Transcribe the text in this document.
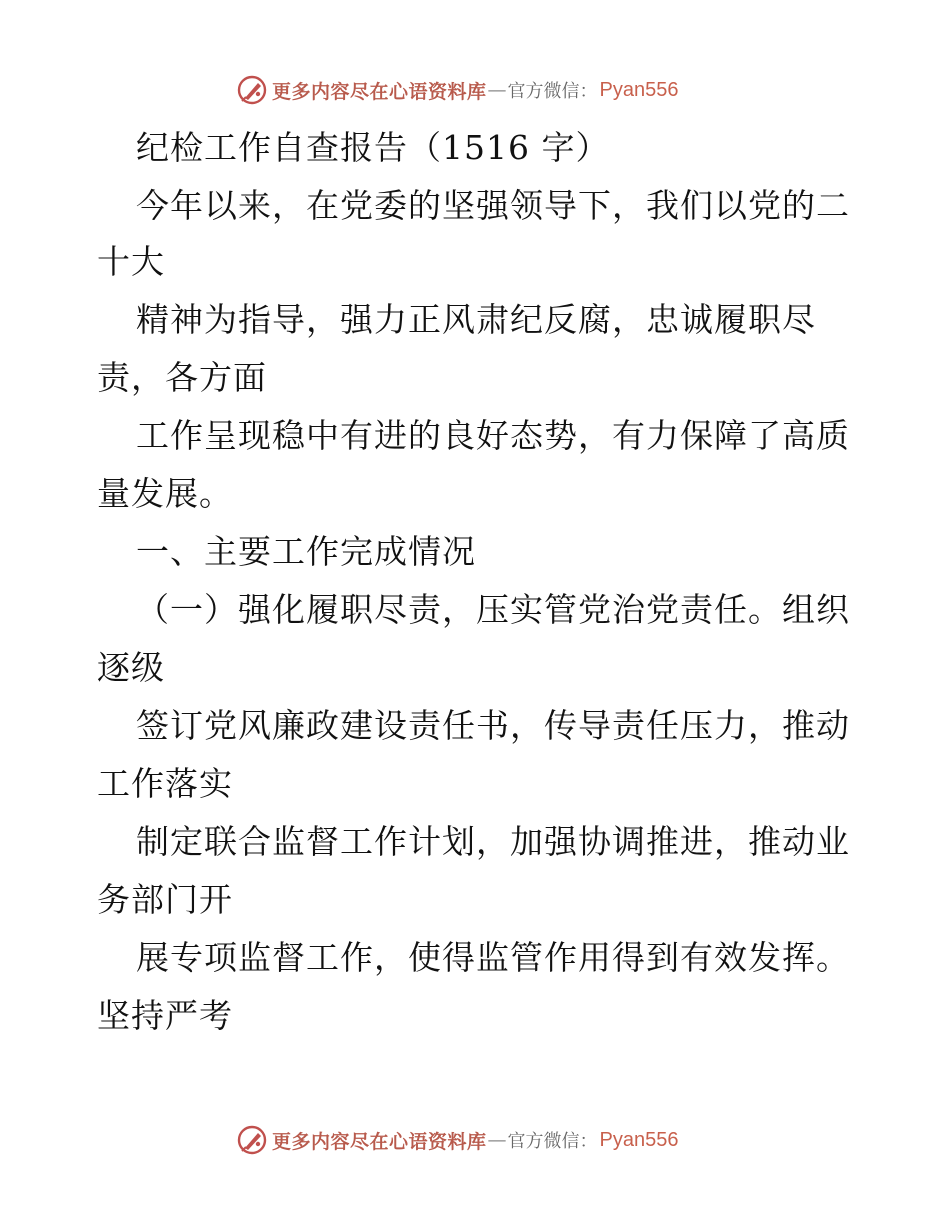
更多内容尽在心语资料库 — 官方微信： Pyan556
纪检工作自查报告（1516 字）
今年以来，在党委的坚强领导下，我们以党的二
十大
精神为指导，强力正风肃纪反腐，忠诚履职尽
责，各方面
工作呈现稳中有进的良好态势，有力保障了高质
量发展。
一、主要工作完成情况
（一）强化履职尽责，压实管党治党责任。组织
逐级
签订党风廉政建设责任书，传导责任压力，推动
工作落实
制定联合监督工作计划，加强协调推进，推动业
务部门开
展专项监督工作，使得监管作用得到有效发挥。
坚持严考
更多内容尽在心语资料库 — 官方微信： Pyan556
